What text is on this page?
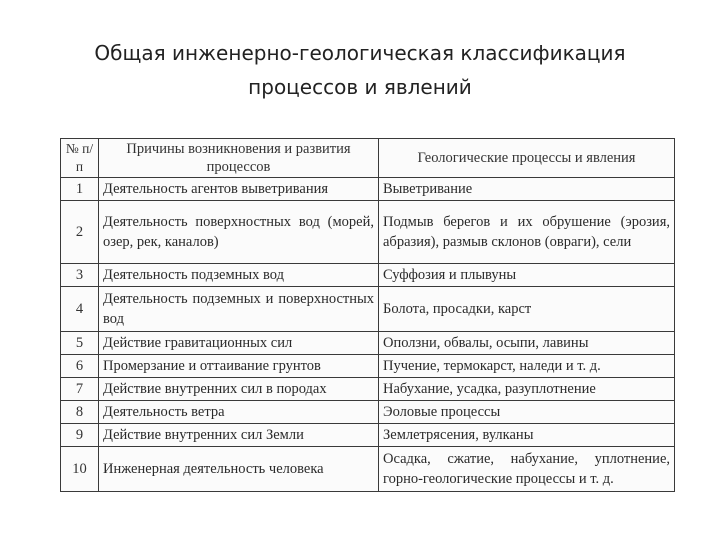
Общая инженерно-геологическая классификация
процессов и явлений
№ п/п	Причины возникновения и развития процессов	Геологические процессы и явления
1	Деятельность агентов выветривания	Выветривание
2	Деятельность поверхностных вод (морей, озер, рек, каналов)	Подмыв берегов и их обрушение (эрозия, абразия), размыв склонов (овраги), сели
3	Деятельность подземных вод	Суффозия и плывуны
4	Деятельность подземных и поверхностных вод	Болота, просадки, карст
5	Действие гравитационных сил	Оползни, обвалы, осыпи, лавины
6	Промерзание и оттаивание грунтов	Пучение, термокарст, наледи и т. д.
7	Действие внутренних сил в породах	Набухание, усадка, разуплотнение
8	Деятельность ветра	Эоловые процессы
9	Действие внутренних сил Земли	Землетрясения, вулканы
10	Инженерная деятельность человека	Осадка, сжатие, набухание, уплотнение, горно-геологические процессы и т. д.
